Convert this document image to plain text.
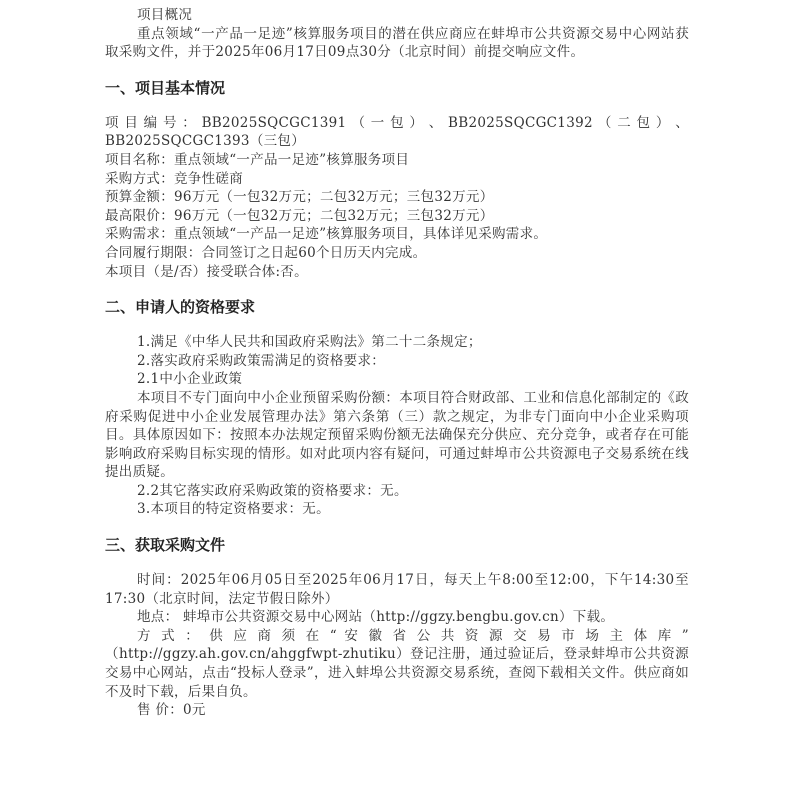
项目概况

重点领域“一产品一足迹”核算服务项目的潜在供应商应在蚌埠市公共资源交易中心网站获取采购文件，并于2025年06月17日09点30分（北京时间）前提交响应文件。

一、项目基本情况

项 目 编 号 ： BB2025SQCGC1391 （ 一 包 ） 、 BB2025SQCGC1392 （ 二 包 ） 、

BB2025SQCGC1393（三包）

项目名称：重点领域“一产品一足迹”核算服务项目

采购方式：竞争性磋商

预算金额：96万元（一包32万元；二包32万元；三包32万元）

最高限价：96万元（一包32万元；二包32万元；三包32万元）

采购需求：重点领域“一产品一足迹”核算服务项目，具体详见采购需求。

合同履行期限：合同签订之日起60个日历天内完成。

本项目（是/否）接受联合体:否。

二、申请人的资格要求

1.满足《中华人民共和国政府采购法》第二十二条规定；

2.落实政府采购政策需满足的资格要求：

2.1中小企业政策

本项目不专门面向中小企业预留采购份额：本项目符合财政部、工业和信息化部制定的《政府采购促进中小企业发展管理办法》第六条第（三）款之规定，为非专门面向中小企业采购项目。具体原因如下：按照本办法规定预留采购份额无法确保充分供应、充分竞争，或者存在可能影响政府采购目标实现的情形。如对此项内容有疑问，可通过蚌埠市公共资源电子交易系统在线提出质疑。

2.2其它落实政府采购政策的资格要求：无。

3.本项目的特定资格要求：无。

三、获取采购文件

时间：2025年06月05日至2025年06月17日，每天上午8:00至12:00，下午14:30至17:30（北京时间，法定节假日除外）

地点： 蚌埠市公共资源交易中心网站（http://ggzy.bengbu.gov.cn）下载。

方 式 ： 供 应 商 须 在 “ 安 徽 省 公 共 资 源 交 易 市 场 主 体 库 ”

（http://ggzy.ah.gov.cn/ahggfwpt-zhutiku）登记注册，通过验证后，登录蚌埠市公共资源交易中心网站，点击“投标人登录”，进入蚌埠公共资源交易系统，查阅下载相关文件。供应商如不及时下载，后果自负。

售 价：0元
